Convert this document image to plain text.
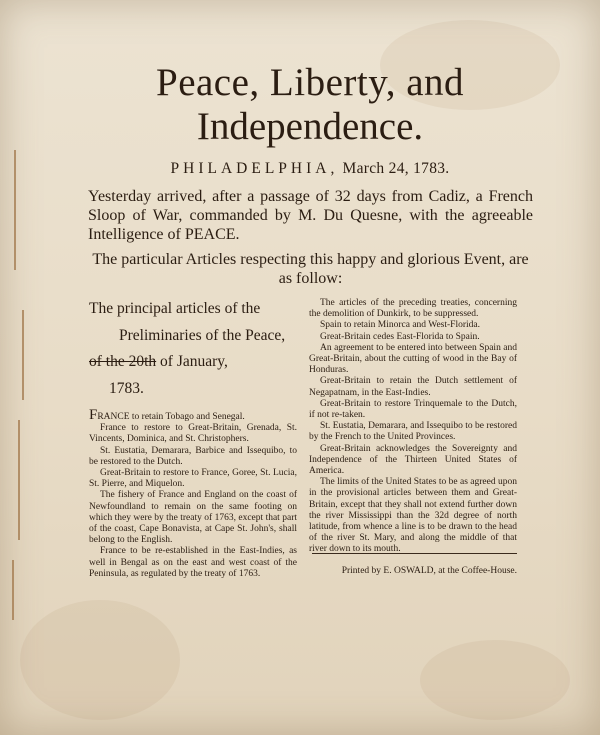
Peace, Liberty, and
Independence.
PHILADELPHIA, March 24, 1783.
Yesterday arrived, after a passage of 32 days from Cadiz, a French Sloop of War, commanded by M. Du Quesne, with the agreeable Intelligence of PEACE.
The particular Articles respecting this happy and glorious Event, are as follow:
The principal articles of the
Preliminaries of the Peace,
of the 20th of January,
1783.

FRANCE to retain Tobago and Senegal.

France to restore to Great-Britain, Grenada, St. Vincents, Dominica, and St. Christophers.

St. Eustatia, Demarara, Barbice and Issequibo, to be restored to the Dutch.

Great-Britain to restore to France, Goree, St. Lucia, St. Pierre, and Miquelon.

The fishery of France and England on the coast of Newfoundland to remain on the same footing on which they were by the treaty of 1763, except that part of the coast, Cape Bonavista, at Cape St. John's, shall belong to the English.

France to be re-established in the East-Indies, as well in Bengal as on the east and west coast of the Peninsula, as regulated by the treaty of 1763.

The articles of the preceding treaties, concerning the demolition of Dunkirk, to be suppressed.

Spain to retain Minorca and West-Florida.

Great-Britain cedes East-Florida to Spain.

An agreement to be entered into between Spain and Great-Britain, about the cutting of wood in the Bay of Honduras.

Great-Britain to retain the Dutch settlement of Negapatnam, in the East-Indies.

Great-Britain to restore Trinquemale to the Dutch, if not re-taken.

St. Eustatia, Demarara, and Issequibo to be restored by the French to the United Provinces.

Great-Britain acknowledges the Sovereignty and Independence of the Thirteen United States of America.

The limits of the United States to be as agreed upon in the provisional articles between them and Great-Britain, except that they shall not extend further down the river Mississippi than the 32d degree of north latitude, from whence a line is to be drawn to the head of the river St. Mary, and along the middle of that river down to its mouth.

Printed by E. OSWALD, at the Coffee-House.
